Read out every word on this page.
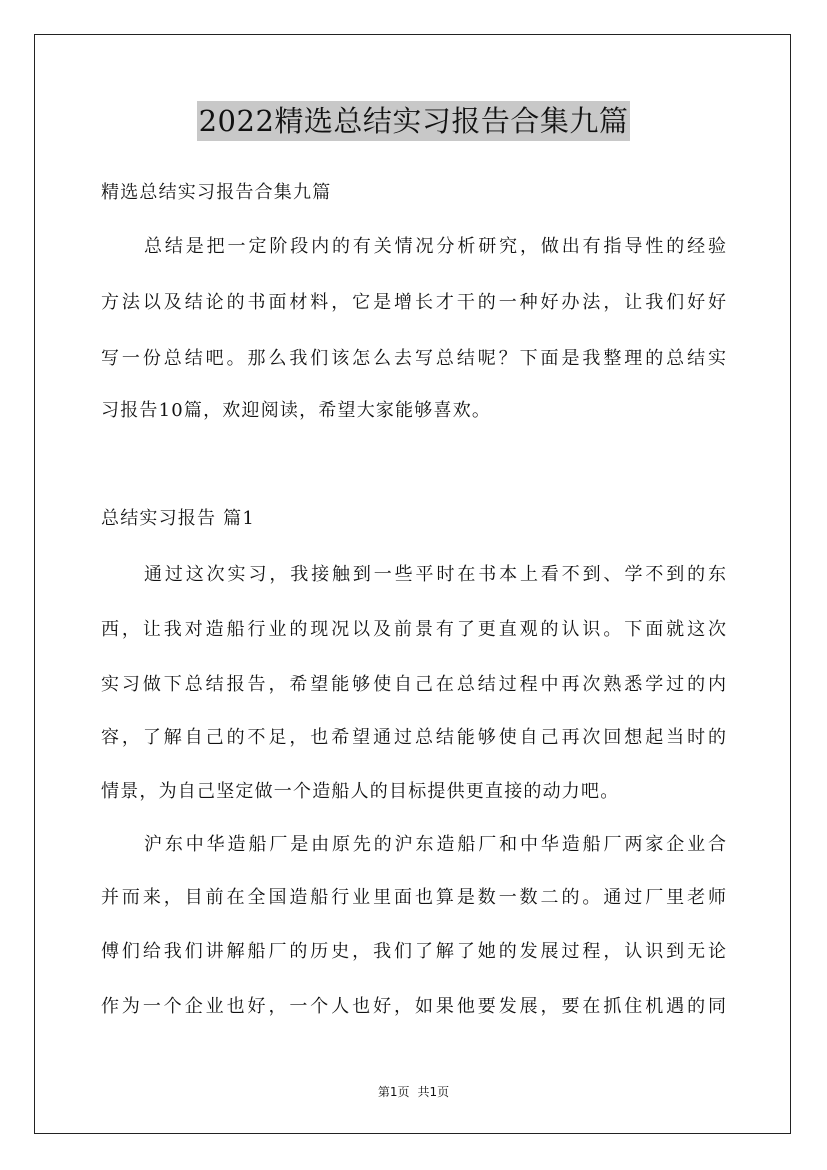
2022精选总结实习报告合集九篇
精选总结实习报告合集九篇
总结是把一定阶段内的有关情况分析研究，做出有指导性的经验
方法以及结论的书面材料，它是增长才干的一种好办法，让我们好好
写一份总结吧。那么我们该怎么去写总结呢？下面是我整理的总结实
习报告10篇，欢迎阅读，希望大家能够喜欢。
总结实习报告 篇1
通过这次实习，我接触到一些平时在书本上看不到、学不到的东
西，让我对造船行业的现况以及前景有了更直观的认识。下面就这次
实习做下总结报告，希望能够使自己在总结过程中再次熟悉学过的内
容，了解自己的不足，也希望通过总结能够使自己再次回想起当时的
情景，为自己坚定做一个造船人的目标提供更直接的动力吧。
沪东中华造船厂是由原先的沪东造船厂和中华造船厂两家企业合
并而来，目前在全国造船行业里面也算是数一数二的。通过厂里老师
傅们给我们讲解船厂的历史，我们了解了她的发展过程，认识到无论
作为一个企业也好，一个人也好，如果他要发展，要在抓住机遇的同
第1页 共1页
